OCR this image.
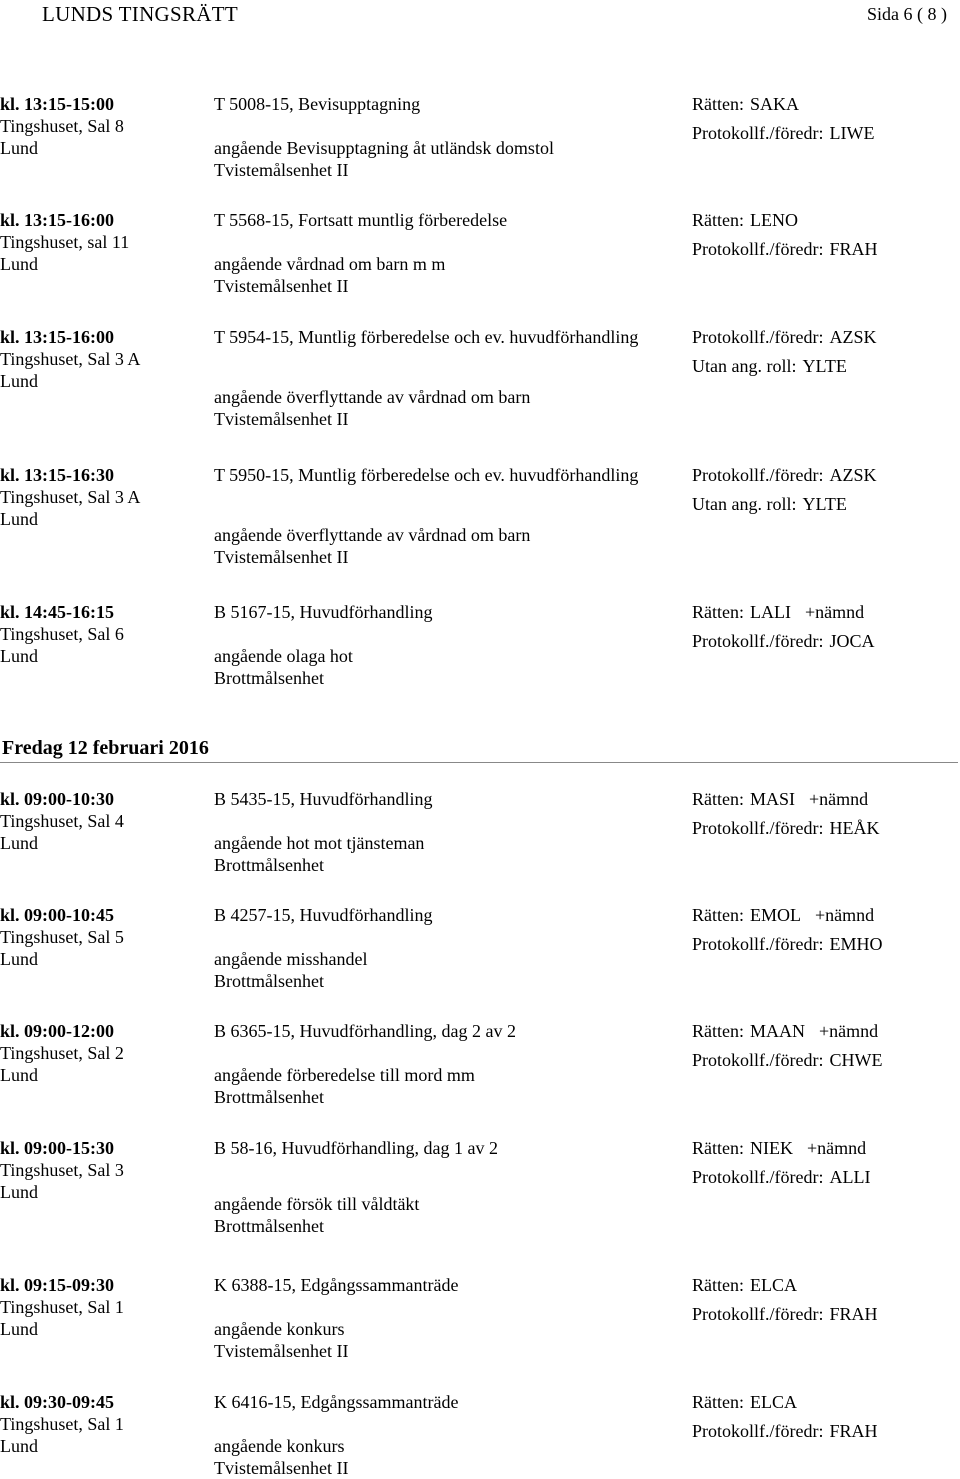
LUNDS TINGSRÄTT	Sida 6 ( 8 )
kl. 13:15-15:00
Tingshuset, Sal 8
Lund
T 5008-15, Bevisupptagning
angående Bevisupptagning åt utländsk domstol
Tvistemålsenhet II
Rätten: SAKA
Protokollf./föredr: LIWE
kl. 13:15-16:00
Tingshuset, sal 11
Lund
T 5568-15, Fortsatt muntlig förberedelse
angående vårdnad om barn m m
Tvistemålsenhet II
Rätten: LENO
Protokollf./föredr: FRAH
kl. 13:15-16:00
Tingshuset, Sal 3 A
Lund
T 5954-15, Muntlig förberedelse och ev. huvudförhandling
angående överflyttande av vårdnad om barn
Tvistemålsenhet II
Protokollf./föredr: AZSK
Utan ang. roll: YLTE
kl. 13:15-16:30
Tingshuset, Sal 3 A
Lund
T 5950-15, Muntlig förberedelse och ev. huvudförhandling
angående överflyttande av vårdnad om barn
Tvistemålsenhet II
Protokollf./föredr: AZSK
Utan ang. roll: YLTE
kl. 14:45-16:15
Tingshuset, Sal 6
Lund
B 5167-15, Huvudförhandling
angående olaga hot
Brottmålsenhet
Rätten: LALI +nämnd
Protokollf./föredr: JOCA
kl. 09:00-10:30
Tingshuset, Sal 4
Lund
B 5435-15, Huvudförhandling
angående hot mot tjänsteman
Brottmålsenhet
Rätten: MASI +nämnd
Protokollf./föredr: HEÅK
kl. 09:00-10:45
Tingshuset, Sal 5
Lund
B 4257-15, Huvudförhandling
angående misshandel
Brottmålsenhet
Rätten: EMOL +nämnd
Protokollf./föredr: EMHO
kl. 09:00-12:00
Tingshuset, Sal 2
Lund
B 6365-15, Huvudförhandling, dag 2 av 2
angående förberedelse till mord mm
Brottmålsenhet
Rätten: MAAN +nämnd
Protokollf./föredr: CHWE
kl. 09:00-15:30
Tingshuset, Sal 3
Lund
B 58-16, Huvudförhandling, dag 1 av 2
angående försök till våldtäkt
Brottmålsenhet
Rätten: NIEK +nämnd
Protokollf./föredr: ALLI
kl. 09:15-09:30
Tingshuset, Sal 1
Lund
K 6388-15, Edgångssammanträde
angående konkurs
Tvistemålsenhet II
Rätten: ELCA
Protokollf./föredr: FRAH
kl. 09:30-09:45
Tingshuset, Sal 1
Lund
K 6416-15, Edgångssammanträde
angående konkurs
Tvistemålsenhet II
Rätten: ELCA
Protokollf./föredr: FRAH
Fredag 12 februari 2016
